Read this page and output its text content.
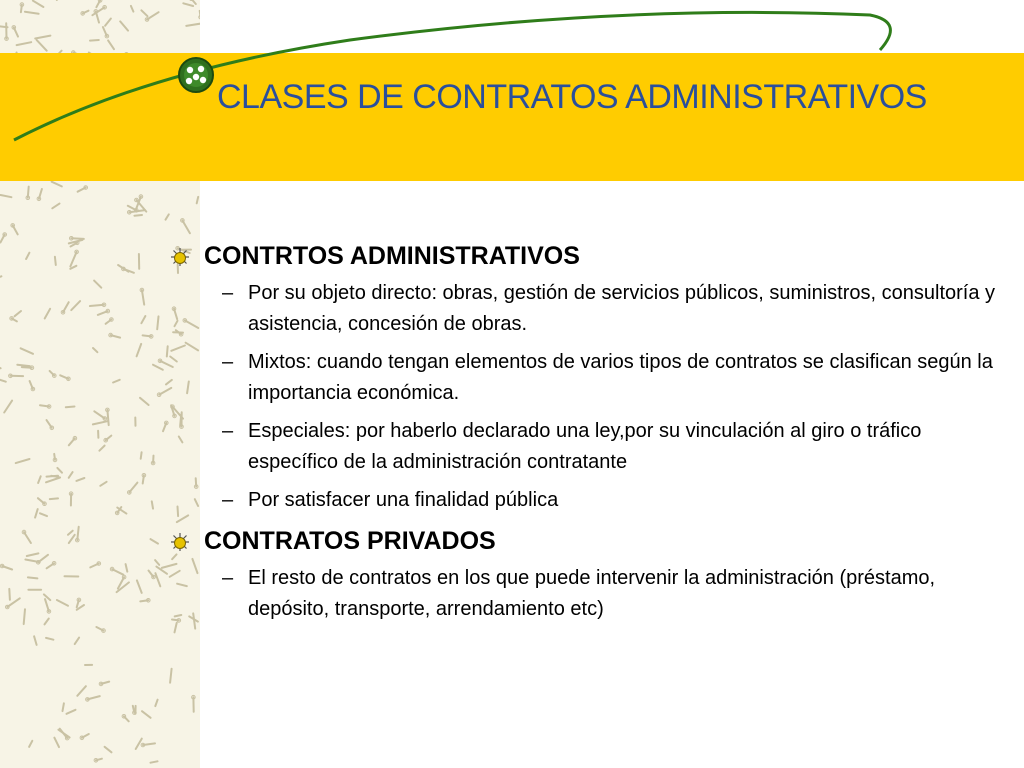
CLASES DE CONTRATOS ADMINISTRATIVOS
CONTRTOS ADMINISTRATIVOS
– Por su objeto directo: obras, gestión de servicios públicos, suministros, consultoría y asistencia, concesión de obras.
– Mixtos: cuando tengan elementos de varios tipos de contratos se clasifican según la importancia económica.
– Especiales: por haberlo declarado una ley,por su vinculación al giro o tráfico específico de la administración contratante
– Por satisfacer una finalidad pública
CONTRATOS PRIVADOS
– El resto de contratos en los que puede intervenir la administración (préstamo, depósito, transporte, arrendamiento etc)
